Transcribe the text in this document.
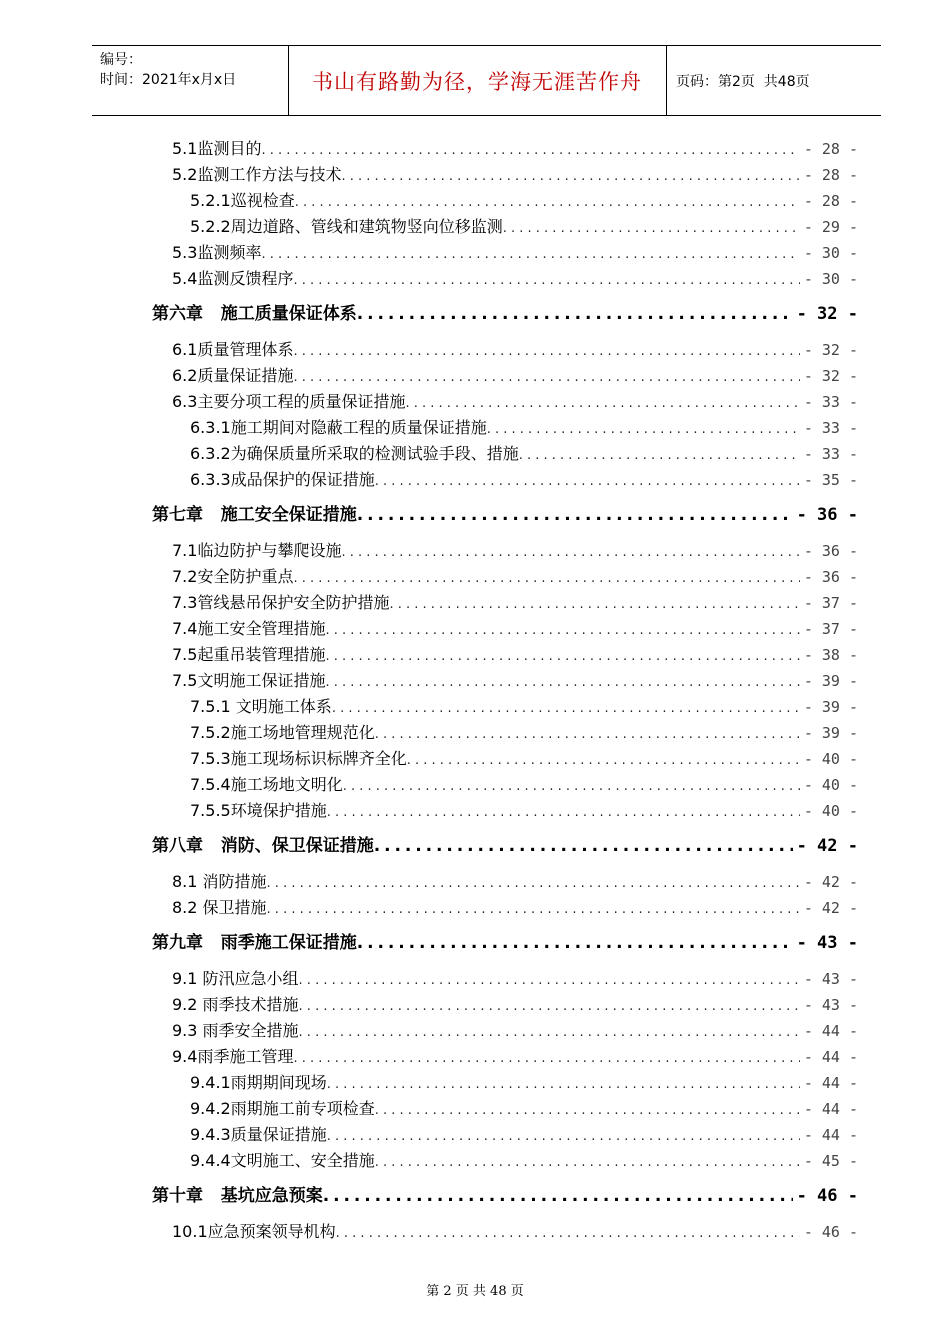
编号：
时间：2021年x月x日	书山有路勤为径，学海无涯苦作舟	页码：第2页  共48页
5.1监测目的 . . .	- 28 -
5.2监测工作方法与技术 . . .	- 28 -
5.2.1巡视检查 . . .	- 28 -
5.2.2周边道路、管线和建筑物竖向位移监测 . . .	- 29 -
5.3监测频率 . . .	- 30 -
5.4监测反馈程序 . . .	- 30 -
第六章   施工质量保证体系 . . .	- 32 -
6.1质量管理体系 . . .	- 32 -
6.2质量保证措施 . . .	- 32 -
6.3主要分项工程的质量保证措施 . . .	- 33 -
6.3.1施工期间对隐蔽工程的质量保证措施 . . .	- 33 -
6.3.2为确保质量所采取的检测试验手段、措施 . . .	- 33 -
6.3.3成品保护的保证措施 . . .	- 35 -
第七章   施工安全保证措施 . . .	- 36 -
7.1临边防护与攀爬设施 . . .	- 36 -
7.2安全防护重点 . . .	- 36 -
7.3管线悬吊保护安全防护措施 . . .	- 37 -
7.4施工安全管理措施 . . .	- 37 -
7.5起重吊装管理措施 . . .	- 38 -
7.5文明施工保证措施 . . .	- 39 -
7.5.1 文明施工体系 . . .	- 39 -
7.5.2施工场地管理规范化 . . .	- 39 -
7.5.3施工现场标识标牌齐全化 . . .	- 40 -
7.5.4施工场地文明化 . . .	- 40 -
7.5.5环境保护措施 . . .	- 40 -
第八章   消防、保卫保证措施 . . .	- 42 -
8.1 消防措施 . . .	- 42 -
8.2 保卫措施 . . .	- 42 -
第九章   雨季施工保证措施 . . .	- 43 -
9.1 防汛应急小组 . . .	- 43 -
9.2 雨季技术措施 . . .	- 43 -
9.3 雨季安全措施 . . .	- 44 -
9.4雨季施工管理 . . .	- 44 -
9.4.1雨期期间现场 . . .	- 44 -
9.4.2雨期施工前专项检查 . . .	- 44 -
9.4.3质量保证措施 . . .	- 44 -
9.4.4文明施工、安全措施 . . .	- 45 -
第十章   基坑应急预案 . . .	- 46 -
10.1应急预案领导机构 . . .	- 46 -
第 2 页 共 48 页
